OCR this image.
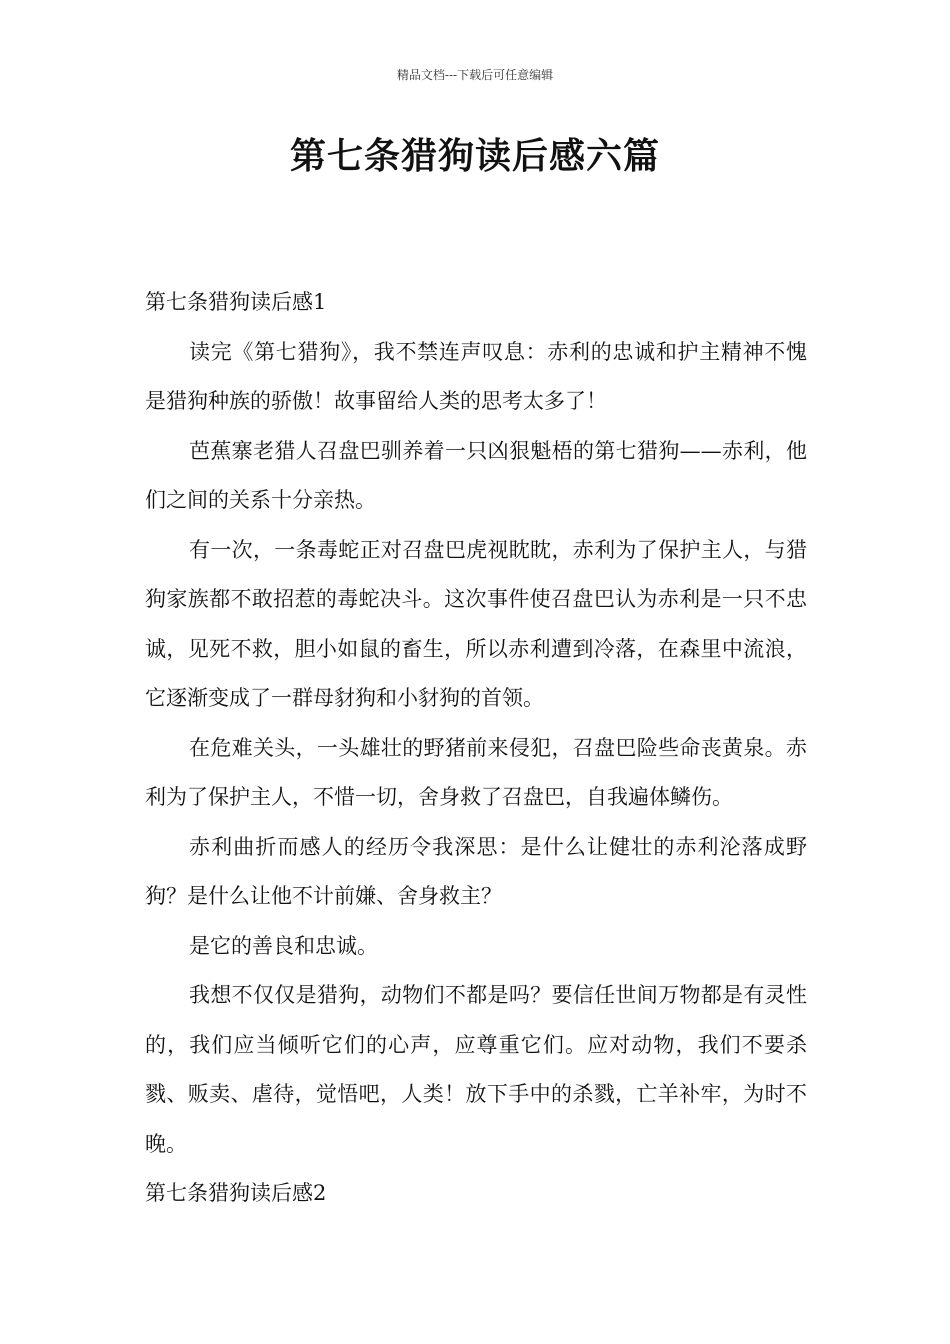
精品文档---下载后可任意编辑
第七条猎狗读后感六篇

第七条猎狗读后感1

读完《第七猎狗》，我不禁连声叹息：赤利的忠诚和护主精神不愧是猎狗种族的骄傲！故事留给人类的思考太多了！

芭蕉寨老猎人召盘巴驯养着一只凶狠魁梧的第七猎狗——赤利，他们之间的关系十分亲热。

有一次，一条毒蛇正对召盘巴虎视眈眈，赤利为了保护主人，与猎狗家族都不敢招惹的毒蛇决斗。这次事件使召盘巴认为赤利是一只不忠诚，见死不救，胆小如鼠的畜生，所以赤利遭到冷落，在森里中流浪，它逐渐变成了一群母豺狗和小豺狗的首领。

在危难关头，一头雄壮的野猪前来侵犯，召盘巴险些命丧黄泉。赤利为了保护主人，不惜一切，舍身救了召盘巴，自我遍体鳞伤。

赤利曲折而感人的经历令我深思：是什么让健壮的赤利沦落成野狗？是什么让他不计前嫌、舍身救主？

是它的善良和忠诚。

我想不仅仅是猎狗，动物们不都是吗？要信任世间万物都是有灵性的，我们应当倾听它们的心声，应尊重它们。应对动物，我们不要杀戮、贩卖、虐待，觉悟吧，人类！放下手中的杀戮，亡羊补牢，为时不晚。

第七条猎狗读后感2
